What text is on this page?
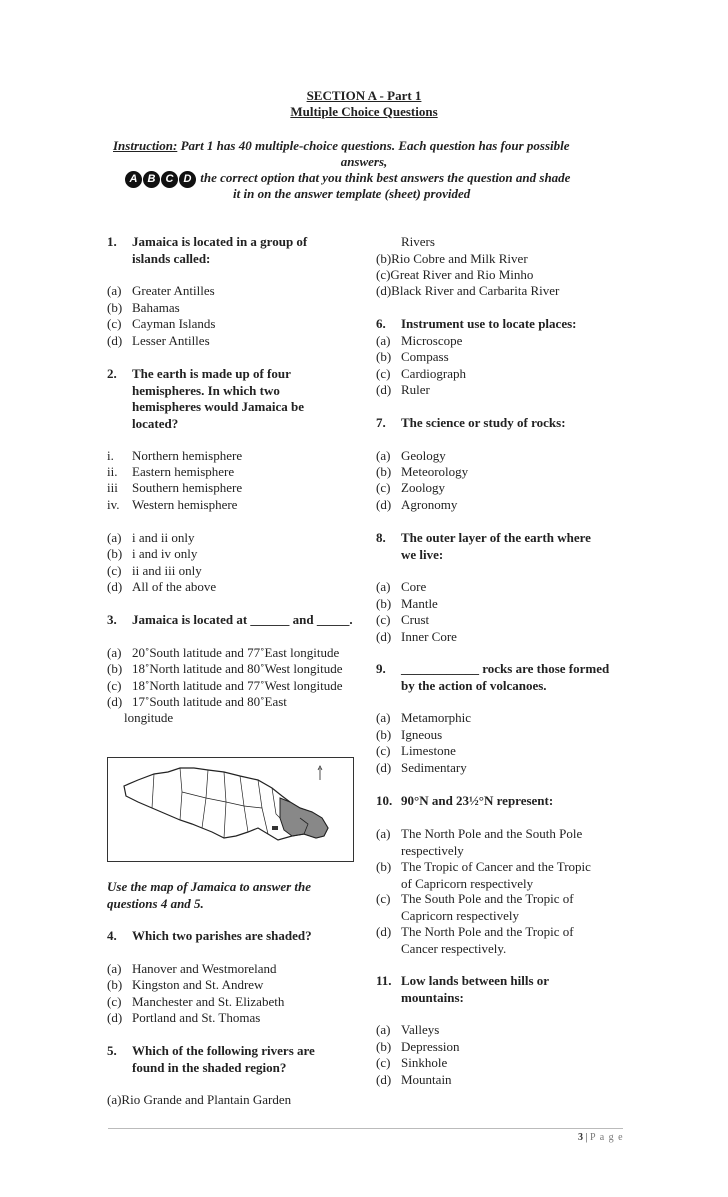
SECTION A - Part 1
Multiple Choice Questions
Instruction: Part 1 has 40 multiple-choice questions. Each question has four possible
answers,
A B C D the correct option that you think best answers the question and shade
it in on the answer template (sheet) provided
1. Jamaica is located in a group of
islands called:
(a) Greater Antilles
(b) Bahamas
(c) Cayman Islands
(d) Lesser Antilles
2. The earth is made up of four
hemispheres. In which two
hemispheres would Jamaica be
located?
i. Northern hemisphere
ii. Eastern hemisphere
iii Southern hemisphere
iv. Western hemisphere
(a) i and ii only
(b) i and iv only
(c) ii and iii only
(d) All of the above
3. Jamaica is located at ______ and _____.
(a) 20˚South latitude and 77˚East longitude
(b) 18˚North latitude and 80˚West longitude
(c) 18˚North latitude and 77˚West longitude
(d) 17˚South latitude and 80˚East
longitude
Use the map of Jamaica to answer the
questions 4 and 5.
4. Which two parishes are shaded?
(a) Hanover and Westmoreland
(b) Kingston and St. Andrew
(c) Manchester and St. Elizabeth
(d) Portland and St. Thomas
5. Which of the following rivers are
found in the shaded region?
(a)Rio Grande and Plantain Garden
Rivers
(b)Rio Cobre and Milk River
(c)Great River and Rio Minho
(d)Black River and Carbarita River
6. Instrument use to locate places:
(a) Microscope
(b) Compass
(c) Cardiograph
(d) Ruler
7. The science or study of rocks:
(a) Geology
(b) Meteorology
(c) Zoology
(d) Agronomy
8. The outer layer of the earth where
we live:
(a) Core
(b) Mantle
(c) Crust
(d) Inner Core
9. ____________ rocks are those formed
by the action of volcanoes.
(a) Metamorphic
(b) Igneous
(c) Limestone
(d) Sedimentary
10. 90°N and 23½°N represent:
(a) The North Pole and the South Pole
respectively
(b) The Tropic of Cancer and the Tropic
of Capricorn respectively
(c) The South Pole and the Tropic of
Capricorn respectively
(d) The North Pole and the Tropic of
Cancer respectively.
11. Low lands between hills or
mountains:
(a) Valleys
(b) Depression
(c) Sinkhole
(d) Mountain
3 | P a g e
